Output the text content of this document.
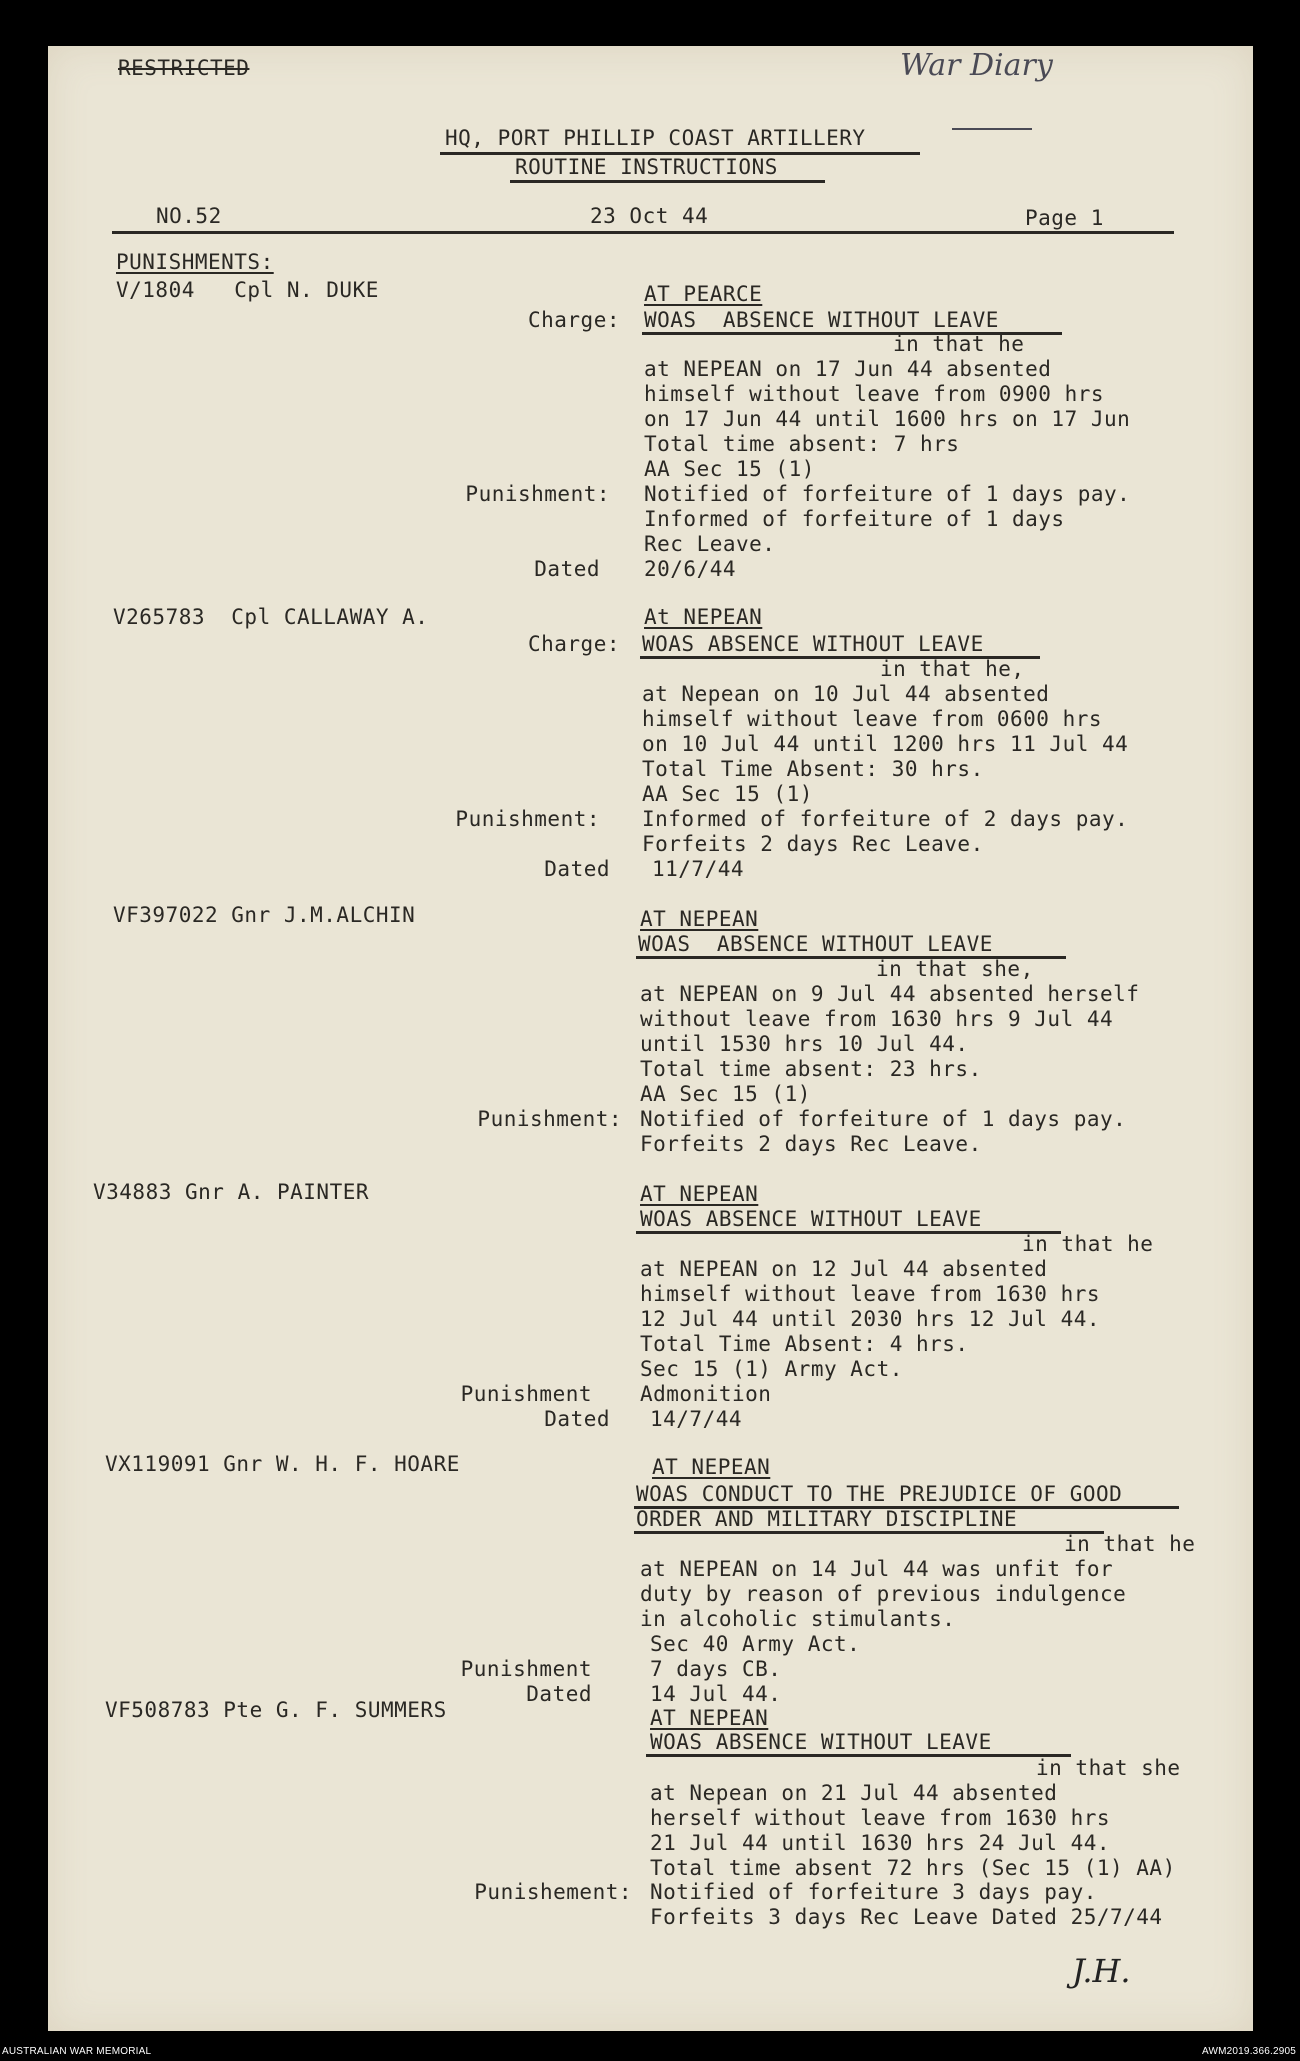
RESTRICTED	War Diary
HQ, PORT PHILLIP COAST ARTILLERY
ROUTINE INSTRUCTIONS
NO.52	23 Oct 44	Page 1
PUNISHMENTS:
V/1804   Cpl N. DUKE	AT PEARCE
Charge: WOAS  ABSENCE WITHOUT LEAVE
in that he
at NEPEAN on 17 Jun 44 absented
himself without leave from 0900 hrs
on 17 Jun 44 until 1600 hrs on 17 Jun
Total time absent: 7 hrs
AA Sec 15 (1)
Punishment: Notified of forfeiture of 1 days pay.
Informed of forfeiture of 1 days
Rec Leave.
Dated 20/6/44
V265783  Cpl CALLAWAY A.	At NEPEAN
Charge: WOAS ABSENCE WITHOUT LEAVE
in that he,
at Nepean on 10 Jul 44 absented
himself without leave from 0600 hrs
on 10 Jul 44 until 1200 hrs 11 Jul 44
Total Time Absent: 30 hrs.
AA Sec 15 (1)
Punishment: Informed of forfeiture of 2 days pay.
Forfeits 2 days Rec Leave.
Dated 11/7/44
VF397022 Gnr J.M.ALCHIN	AT NEPEAN
WOAS  ABSENCE WITHOUT LEAVE
in that she,
at NEPEAN on 9 Jul 44 absented herself
without leave from 1630 hrs 9 Jul 44
until 1530 hrs 10 Jul 44.
Total time absent: 23 hrs.
AA Sec 15 (1)
Punishment: Notified of forfeiture of 1 days pay.
Forfeits 2 days Rec Leave.
V34883 Gnr A. PAINTER	AT NEPEAN
WOAS ABSENCE WITHOUT LEAVE
in that he
at NEPEAN on 12 Jul 44 absented
himself without leave from 1630 hrs
12 Jul 44 until 2030 hrs 12 Jul 44.
Total Time Absent: 4 hrs.
Sec 15 (1) Army Act.
Punishment Admonition
Dated 14/7/44
VX119091 Gnr W. H. F. HOARE	AT NEPEAN
WOAS CONDUCT TO THE PREJUDICE OF GOOD
ORDER AND MILITARY DISCIPLINE
in that he
at NEPEAN on 14 Jul 44 was unfit for
duty by reason of previous indulgence
in alcoholic stimulants.
Sec 40 Army Act.
Punishment	7 days CB.
Dated	14 Jul 44.
VF508783 Pte G. F. SUMMERS	AT NEPEAN
WOAS ABSENCE WITHOUT LEAVE
in that she
at Nepean on 21 Jul 44 absented
herself without leave from 1630 hrs
21 Jul 44 until 1630 hrs 24 Jul 44.
Total time absent 72 hrs (Sec 15 (1) AA)
Punishement: Notified of forfeiture 3 days pay.
Forfeits 3 days Rec Leave Dated 25/7/44
J.H.
AUSTRALIAN WAR MEMORIAL	AWM2019.366.2905
